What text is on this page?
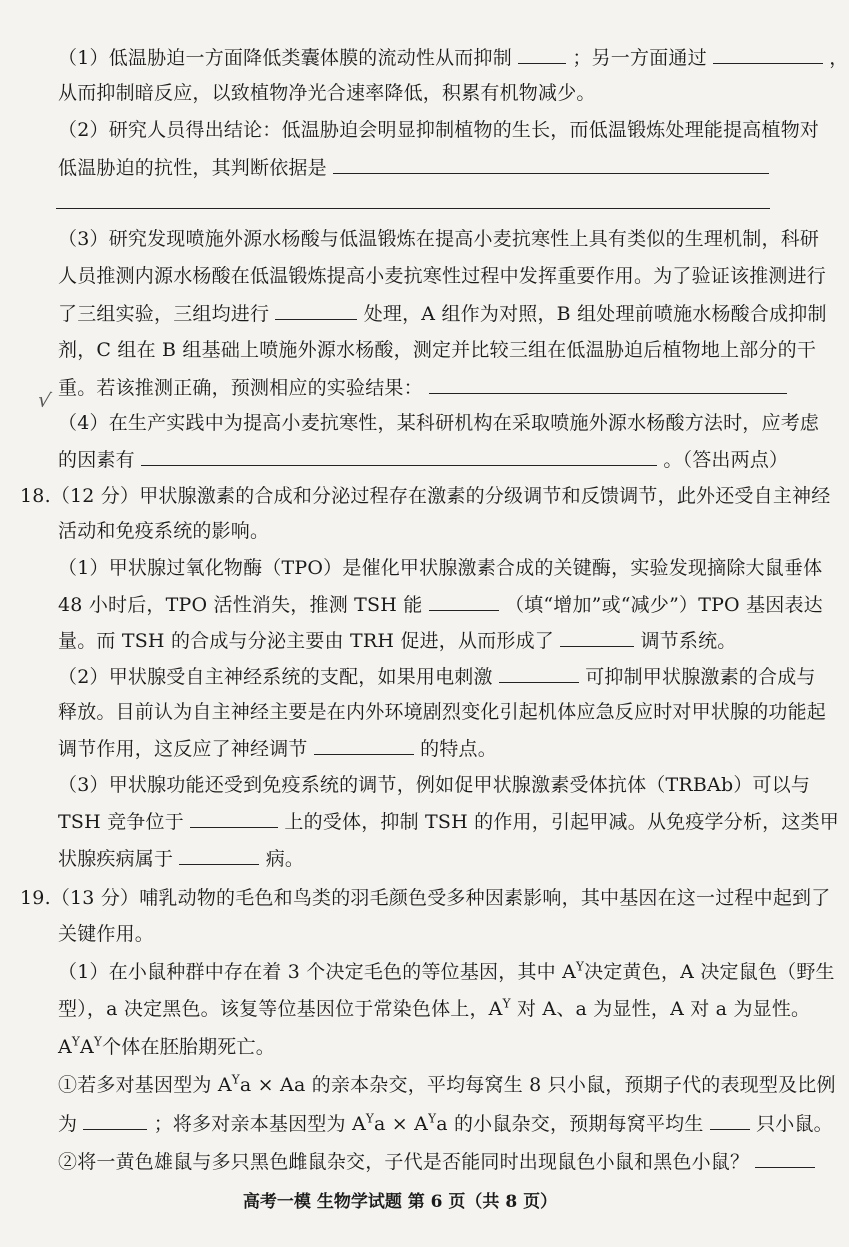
（1）低温胁迫一方面降低类囊体膜的流动性从而抑制	；另一方面通过	，
从而抑制暗反应，以致植物净光合速率降低，积累有机物减少。
（2）研究人员得出结论：低温胁迫会明显抑制植物的生长，而低温锻炼处理能提高植物对
低温胁迫的抗性，其判断依据是
（3）研究发现喷施外源水杨酸与低温锻炼在提高小麦抗寒性上具有类似的生理机制，科研
人员推测内源水杨酸在低温锻炼提高小麦抗寒性过程中发挥重要作用。为了验证该推测进行
了三组实验，三组均进行	处理，A 组作为对照，B 组处理前喷施水杨酸合成抑制
剂，C 组在 B 组基础上喷施外源水杨酸，测定并比较三组在低温胁迫后植物地上部分的干
重。若该推测正确，预测相应的实验结果：
√
（4）在生产实践中为提高小麦抗寒性，某科研机构在采取喷施外源水杨酸方法时，应考虑
的因素有	。（答出两点）
18.（12 分）甲状腺激素的合成和分泌过程存在激素的分级调节和反馈调节，此外还受自主神经
活动和免疫系统的影响。
（1）甲状腺过氧化物酶（TPO）是催化甲状腺激素合成的关键酶，实验发现摘除大鼠垂体
48 小时后，TPO 活性消失，推测 TSH 能	（填“增加”或“减少”）TPO 基因表达
量。而 TSH 的合成与分泌主要由 TRH 促进，从而形成了	调节系统。
（2）甲状腺受自主神经系统的支配，如果用电刺激	可抑制甲状腺激素的合成与
释放。目前认为自主神经主要是在内外环境剧烈变化引起机体应急反应时对甲状腺的功能起
调节作用，这反应了神经调节	的特点。
（3）甲状腺功能还受到免疫系统的调节，例如促甲状腺激素受体抗体（TRBAb）可以与
TSH 竞争位于	上的受体，抑制 TSH 的作用，引起甲减。从免疫学分析，这类甲
状腺疾病属于	病。
19.（13 分）哺乳动物的毛色和鸟类的羽毛颜色受多种因素影响，其中基因在这一过程中起到了
关键作用。
（1）在小鼠种群中存在着 3 个决定毛色的等位基因，其中 $A^Y$决定黄色，A 决定鼠色（野生
型），a 决定黑色。该复等位基因位于常染色体上，$A^Y$ 对 A、a 为显性，A 对 a 为显性。
$A^YA^Y$个体在胚胎期死亡。
①若多对基因型为 $A^Ya \times Aa$ 的亲本杂交，平均每窝生 8 只小鼠，预期子代的表现型及比例
为	；将多对亲本基因型为 $A^Ya \times A^Ya$ 的小鼠杂交，预期每窝平均生	只小鼠。
②将一黄色雄鼠与多只黑色雌鼠杂交，子代是否能同时出现鼠色小鼠和黑色小鼠？
高考一模 生物学试题 第 6 页（共 8 页）
